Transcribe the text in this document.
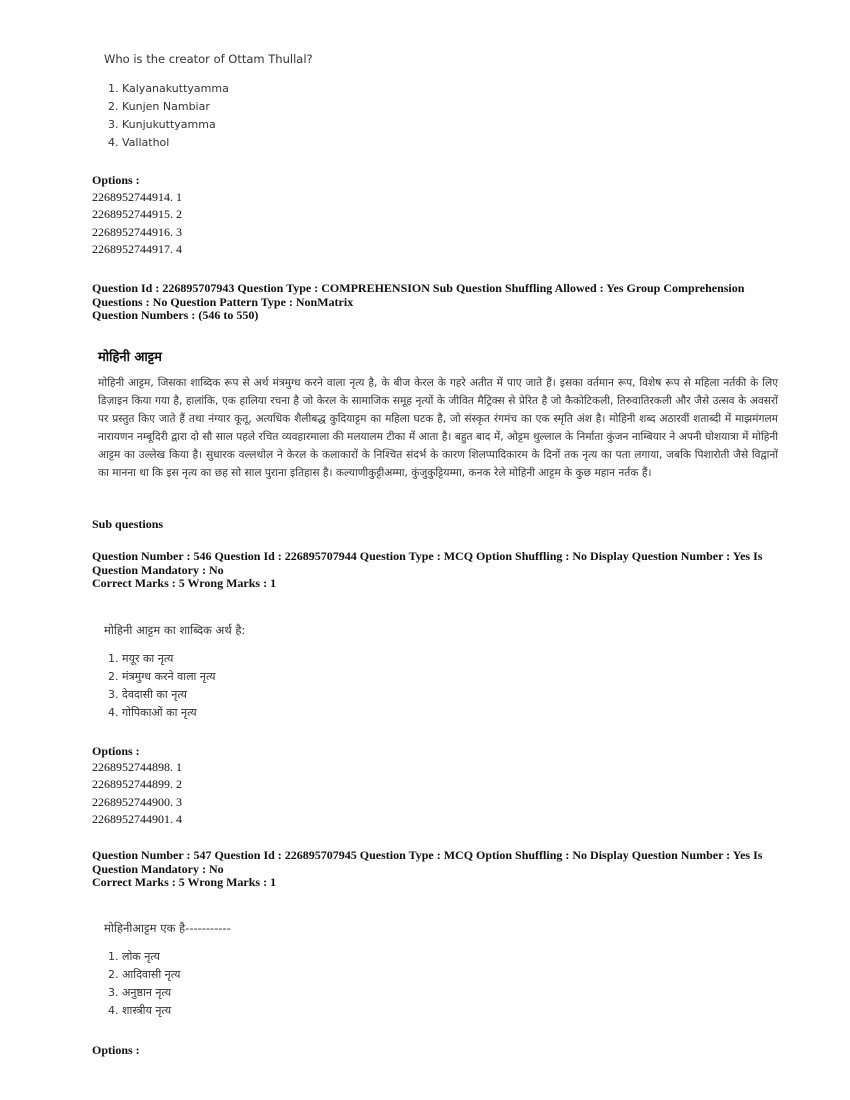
Who is the creator of Ottam Thullal?
1. Kalyanakuttyamma
2. Kunjen Nambiar
3. Kunjukuttyamma
4. Vallathol
Options :
2268952744914. 1
2268952744915. 2
2268952744916. 3
2268952744917. 4
Question Id : 226895707943 Question Type : COMPREHENSION Sub Question Shuffling Allowed : Yes Group Comprehension
Questions : No Question Pattern Type : NonMatrix
Question Numbers : (546 to 550)
मोहिनी आट्टम

मोहिनी आट्टम, जिसका शाब्दिक रूप से अर्थ मंत्रमुग्ध करने वाला नृत्य है, के बीज केरल के गहरे अतीत में पाए जाते हैं। इसका वर्तमान रूप, विशेष रूप से महिला नर्तकी के लिए डिज़ाइन किया गया है, हालांकि, एक हालिया रचना है जो केरल के सामाजिक समूह नृत्यों के जीवित मैट्रिक्स से प्रेरित है जो कैकोटिकली, तिरुवातिरकली और जैसे उत्सव के अवसरों पर प्रस्तुत किए जाते हैं तथा नंग्यार कूतू, अत्यधिक शैलीबद्ध कुदियाट्टम का महिला घटक है, जो संस्कृत रंगमंच का एक स्मृति अंश है। मोहिनी शब्द अठारवीं शताब्दी में माझमंगलम नारायणन नम्बूदिरी द्वारा दो सौ साल पहले रचित व्यवहारमाला की मलयालम टीका में आता है। बहुत बाद में, ओट्टम थुल्लाल के निर्माता कुंजन नाम्बियार ने अपनी घोशयात्रा में मोहिनी आट्टम का उल्लेख किया है। सुधारक वल्लथोल ने केरल के कलाकारों के निश्चित संदर्भ के कारण शिलप्पादिकारम के दिनों तक नृत्य का पता लगाया, जबकि पिशारोती जैसे विद्वानों का मानना था कि इस नृत्य का छह सो साल पुराना इतिहास है। कल्याणीकुट्टीअम्मा, कुंजुकुट्टियम्मा, कनक रेले मोहिनी आट्टम के कुछ महान नर्तक हैं।

Sub questions
Question Number : 546 Question Id : 226895707944 Question Type : MCQ Option Shuffling : No Display Question Number : Yes Is
Question Mandatory : No
Correct Marks : 5 Wrong Marks : 1
मोहिनी आट्टम का शाब्दिक अर्थ है:
1. मयूर का नृत्य
2. मंत्रमुग्ध करने वाला नृत्य
3. देवदासी का नृत्य
4. गोपिकाओं का नृत्य
Options :
2268952744898. 1
2268952744899. 2
2268952744900. 3
2268952744901. 4
Question Number : 547 Question Id : 226895707945 Question Type : MCQ Option Shuffling : No Display Question Number : Yes Is
Question Mandatory : No
Correct Marks : 5 Wrong Marks : 1
मोहिनीआट्टम एक है-----------
1. लोक नृत्य
2. आदिवासी नृत्य
3. अनुष्ठान नृत्य
4. शास्त्रीय नृत्य
Options :
